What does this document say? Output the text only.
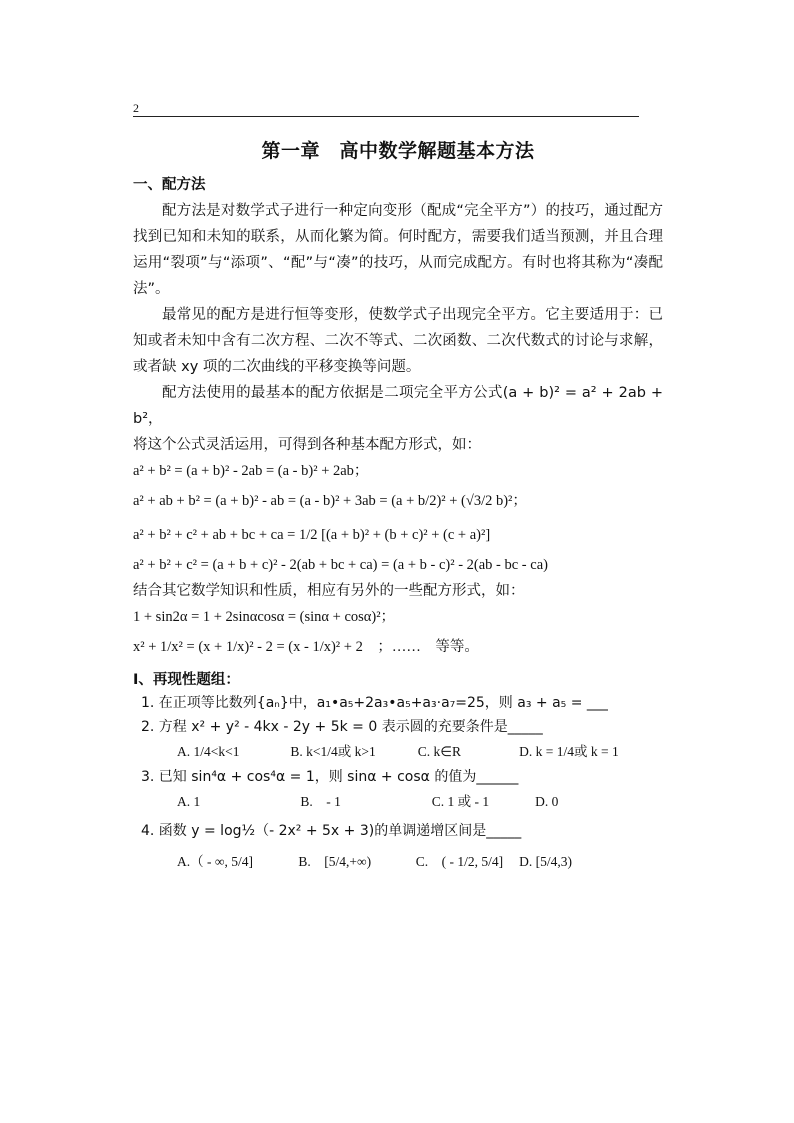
2
第一章　高中数学解题基本方法
一、配方法

配方法是对数学式子进行一种定向变形（配成“完全平方”）的技巧，通过配方找到已知和未知的联系，从而化繁为简。何时配方，需要我们适当预测，并且合理运用“裂项”与“添项”、“配”与“凑”的技巧，从而完成配方。有时也将其称为“凑配法”。

最常见的配方是进行恒等变形，使数学式子出现完全平方。它主要适用于：已知或者未知中含有二次方程、二次不等式、二次函数、二次代数式的讨论与求解，或者缺 xy 项的二次曲线的平移变换等问题。

配方法使用的最基本的配方依据是二项完全平方公式(a + b)² = a² + 2ab + b²，

将这个公式灵活运用，可得到各种基本配方形式，如：

a² + b² = (a + b)² - 2ab = (a - b)² + 2ab；

a² + ab + b² = (a + b)² - ab = (a - b)² + 3ab = (a + b/2)² + (√3/2 b)²；

a² + b² + c² + ab + bc + ca = 1/2 [(a + b)² + (b + c)² + (c + a)²]

a² + b² + c² = (a + b + c)² - 2(ab + bc + ca) = (a + b - c)² - 2(ab - bc - ca)

结合其它数学知识和性质，相应有另外的一些配方形式，如：

1 + sin2α = 1 + 2sinαcosα = (sinα + cosα)²；

x² + 1/x² = (x + 1/x)² - 2 = (x - 1/x)² + 2　；……　等等。

Ⅰ、再现性题组：

1. 在正项等比数列{aₙ}中，a₁•a₅+2a₃•a₅+a₃·a₇=25，则 a₃ + a₅ = ___

2. 方程 x² + y² - 4kx - 2y + 5k = 0 表示圆的充要条件是_____

A. 1/4<k<1	B. k<1/4或 k>1	C. k∈R	D. k = 1/4或 k = 1

3. 已知 sin⁴α + cos⁴α = 1，则 sinα + cosα 的值为______

A. 1	B.　- 1	C. 1 或 - 1	D. 0

4. 函数 y = log½（- 2x² + 5x + 3)的单调递增区间是_____

A.（ - ∞, 5/4]	B.　[5/4,+∞)	C.　( - 1/2, 5/4] D. [5/4,3)
